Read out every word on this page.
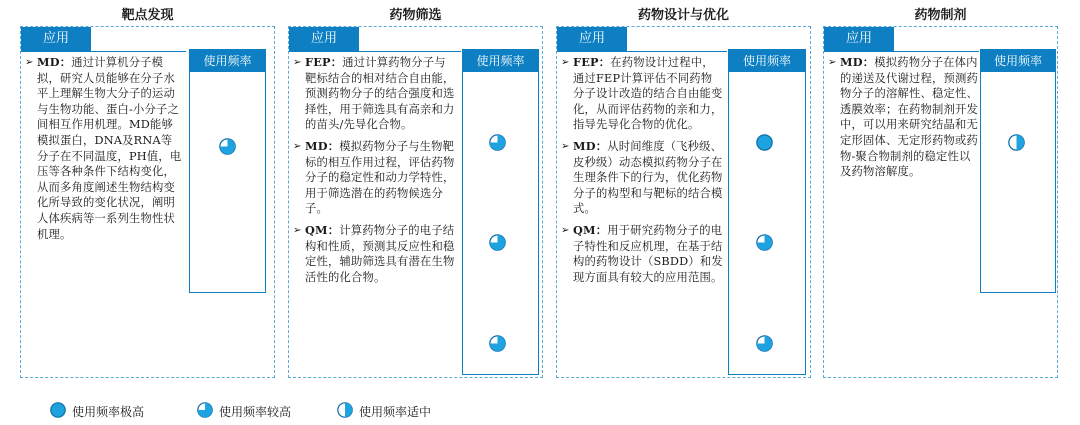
靶点发现	药物筛选	药物设计与优化	药物制剂
应用
使用频率
➢ MD：通过计算机分子模拟，研究人员能够在分子水平上理解生物大分子的运动与生物功能、蛋白-小分子之间相互作用机理。MD能够模拟蛋白，DNA及RNA等分子在不同温度，PH值，电压等各种条件下结构变化，从而多角度阐述生物结构变化所导致的变化状况，阐明人体疾病等一系列生物性状机理。
应用
使用频率
➢ FEP：通过计算药物分子与靶标结合的相对结合自由能，预测药物分子的结合强度和选择性，用于筛选具有高亲和力的苗头/先导化合物。
➢ MD：模拟药物分子与生物靶标的相互作用过程，评估药物分子的稳定性和动力学特性，用于筛选潜在的药物候选分子。
➢ QM：计算药物分子的电子结构和性质，预测其反应性和稳定性，辅助筛选具有潜在生物活性的化合物。
应用
使用频率
➢ FEP：在药物设计过程中，通过FEP计算评估不同药物分子设计改造的结合自由能变化，从而评估药物的亲和力，指导先导化合物的优化。
➢ MD：从时间维度（飞秒级、皮秒级）动态模拟药物分子在生理条件下的行为，优化药物分子的构型和与靶标的结合模式。
➢ QM：用于研究药物分子的电子特性和反应机理，在基于结构的药物设计（SBDD）和发现方面具有较大的应用范围。
应用
使用频率
➢ MD：模拟药物分子在体内的递送及代谢过程，预测药物分子的溶解性、稳定性、透膜效率；在药物制剂开发中，可以用来研究结晶和无定形固体、无定形药物或药物-聚合物制剂的稳定性以及药物溶解度。
使用频率极高	使用频率较高	使用频率适中
